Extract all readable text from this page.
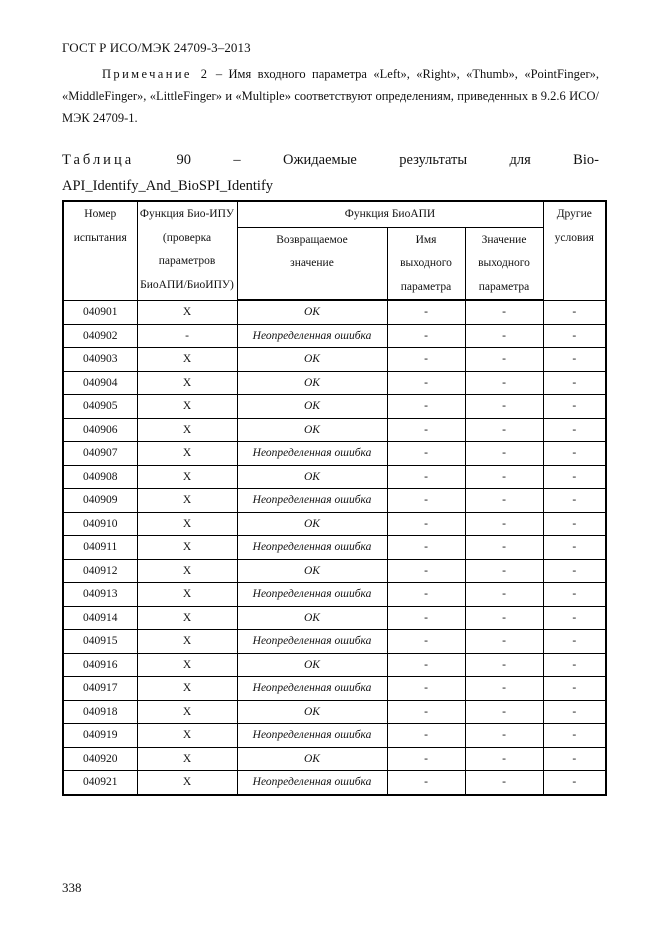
ГОСТ Р ИСО/МЭК 24709-3–2013
Примечание 2 – Имя входного параметра «Left», «Right», «Thumb», «PointFinger», «MiddleFinger», «LittleFinger» и «Multiple» соответствуют определениям, приведенных в 9.2.6 ИСО/МЭК 24709-1.
Таблица	90	–	Ожидаемые	результаты	для	Bio-
API_Identify_And_BioSPI_Identify
Номер испытания	Функция Био-ИПУ (проверка параметров БиоАПИ/БиоИПУ)	Функция БиоАПИ			Другие условия
		Возвращаемое значение	Имя выходного параметра	Значение выходного параметра	
040901	X	OK	-	-	-
040902	-	Неопределенная ошибка	-	-	-
040903	X	OK	-	-	-
040904	X	OK	-	-	-
040905	X	OK	-	-	-
040906	X	OK	-	-	-
040907	X	Неопределенная ошибка	-	-	-
040908	X	OK	-	-	-
040909	X	Неопределенная ошибка	-	-	-
040910	X	OK	-	-	-
040911	X	Неопределенная ошибка	-	-	-
040912	X	OK	-	-	-
040913	X	Неопределенная ошибка	-	-	-
040914	X	OK	-	-	-
040915	X	Неопределенная ошибка	-	-	-
040916	X	OK	-	-	-
040917	X	Неопределенная ошибка	-	-	-
040918	X	OK	-	-	-
040919	X	Неопределенная ошибка	-	-	-
040920	X	OK	-	-	-
040921	X	Неопределенная ошибка	-	-	-
338
